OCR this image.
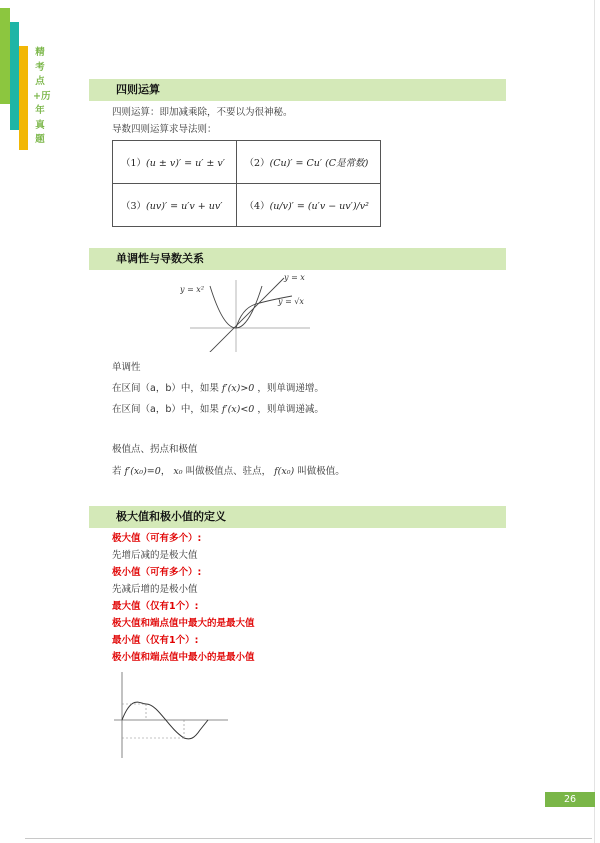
精考点+历年真题
四则运算
四则运算：即加减乘除，不要以为很神秘。
导数四则运算求导法则：
（1）(u ± v)′ = u′ ± v′	（2）(Cu)′ = Cu′ (C是常数)
（3）(uv)′ = u′v + uv′	（4）(u/v)′ = (u′v − uv′)/v²
单调性与导数关系
y = x
y = x²
y = √x
单调性
在区间（a，b）中，如果 f′(x)>0 ，则单调递增。
在区间（a，b）中，如果 f′(x)<0 ，则单调递减。
极值点、拐点和极值
若 f′(x₀)=0， x₀ 叫做极值点、驻点， f(x₀) 叫做极值。
极大值和极小值的定义
极大值（可有多个）:
先增后减的是极大值
极小值（可有多个）:
先减后增的是极小值
最大值（仅有1个）:
极大值和端点值中最大的是最大值
最小值（仅有1个）:
极小值和端点值中最小的是最小值
26
